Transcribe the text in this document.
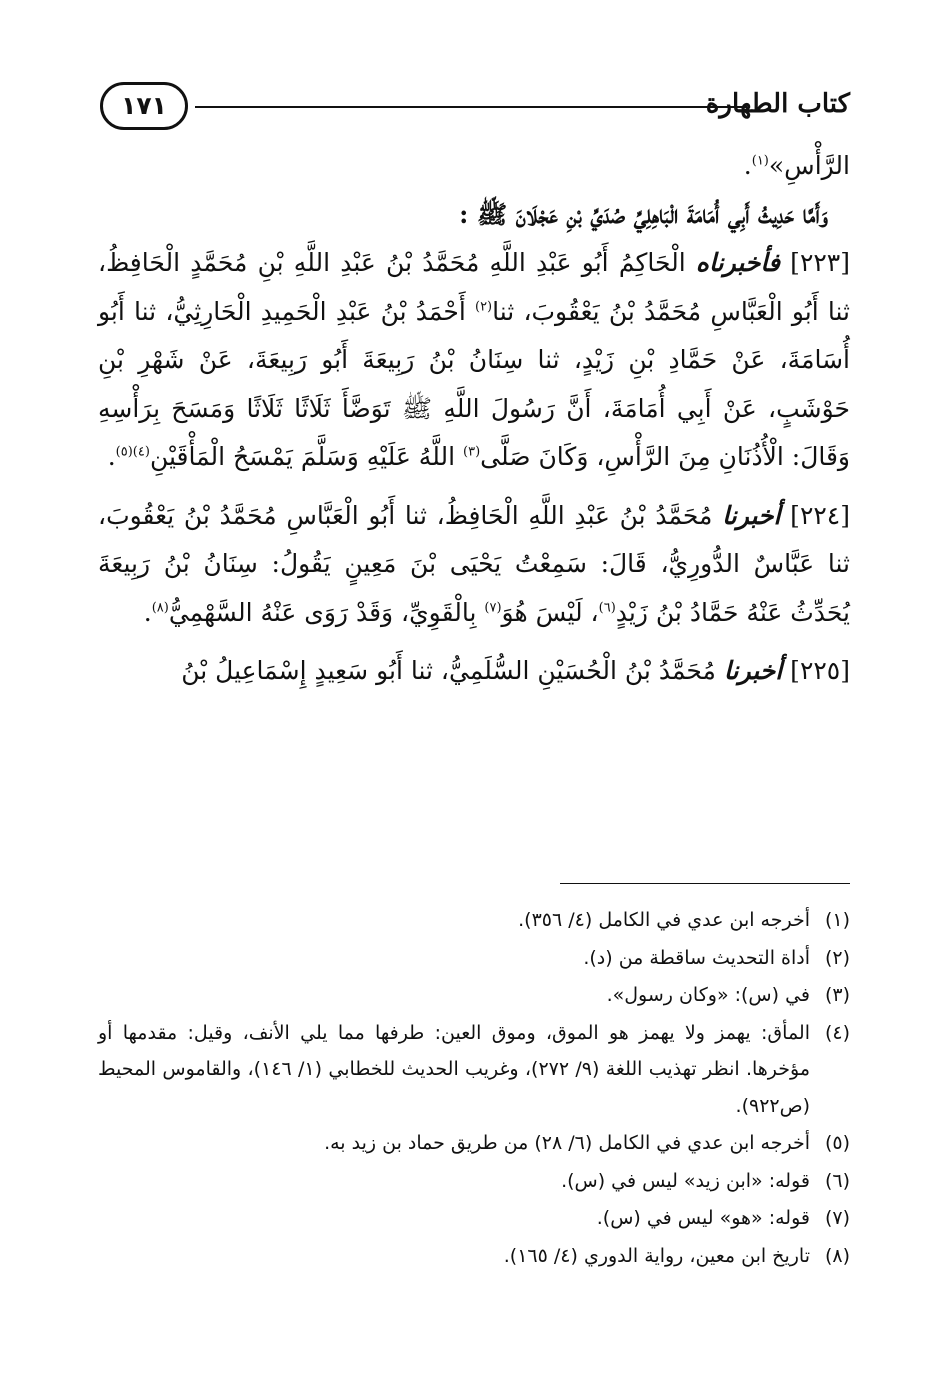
كتاب الطهارة
١٧١

الرَّأْسِ»$^{(١)}$.

وَأَمَّا حَدِيثُ أَبِي أُمَامَةَ الْبَاهِلِيِّ صُدَيِّ بْنِ عَجْلَانَ ﷺ :

[٢٢٣] فأخبرناه الْحَاكِمُ أَبُو عَبْدِ اللَّهِ مُحَمَّدُ بْنُ عَبْدِ اللَّهِ بْنِ مُحَمَّدٍ الْحَافِظُ، ثنا أَبُو الْعَبَّاسِ مُحَمَّدُ بْنُ يَعْقُوبَ، ثنا$^{(٢)}$ أَحْمَدُ بْنُ عَبْدِ الْحَمِيدِ الْحَارِثِيُّ، ثنا أَبُو أُسَامَةَ، عَنْ حَمَّادِ بْنِ زَيْدٍ، ثنا سِنَانُ بْنُ رَبِيعَةَ أَبُو رَبِيعَةَ، عَنْ شَهْرِ بْنِ حَوْشَبٍ، عَنْ أَبِي أُمَامَةَ، أَنَّ رَسُولَ اللَّهِ ﷺ تَوَضَّأَ ثَلَاثًا ثَلَاثًا وَمَسَحَ بِرَأْسِهِ وَقَالَ: الْأُذُنَانِ مِنَ الرَّأْسِ، وَكَانَ صَلَّى$^{(٣)}$ اللَّهُ عَلَيْهِ وَسَلَّمَ يَمْسَحُ الْمَأْقَيْنِ$^{(٤)(٥)}$.

[٢٢٤] أخبرنا مُحَمَّدُ بْنُ عَبْدِ اللَّهِ الْحَافِظُ، ثنا أَبُو الْعَبَّاسِ مُحَمَّدُ بْنُ يَعْقُوبَ، ثنا عَبَّاسٌ الدُّورِيُّ، قَالَ: سَمِعْتُ يَحْيَى بْنَ مَعِينٍ يَقُولُ: سِنَانُ بْنُ رَبِيعَةَ يُحَدِّثُ عَنْهُ حَمَّادُ بْنُ زَيْدٍ$^{(٦)}$، لَيْسَ هُوَ$^{(٧)}$ بِالْقَوِيِّ، وَقَدْ رَوَى عَنْهُ السَّهْمِيُّ$^{(٨)}$.

[٢٢٥] أخبرنا مُحَمَّدُ بْنُ الْحُسَيْنِ السُّلَمِيُّ، ثنا أَبُو سَعِيدٍ إِسْمَاعِيلُ بْنُ

(١)
أخرجه ابن عدي في الكامل (٤/ ٣٥٦).
(٢)
أداة التحديث ساقطة من (د).
(٣)
في (س): «وكان رسول».
(٤)
المأق: يهمز ولا يهمز هو الموق، وموق العين: طرفها مما يلي الأنف، وقيل: مقدمها أو مؤخرها. انظر تهذيب اللغة (٩/ ٢٧٢)، وغريب الحديث للخطابي (١/ ١٤٦)، والقاموس المحيط (ص٩٢٢).
(٥)
أخرجه ابن عدي في الكامل (٦/ ٢٨) من طريق حماد بن زيد به.
(٦)
قوله: «ابن زيد» ليس في (س).
(٧)
قوله: «هو» ليس في (س).
(٨)
تاريخ ابن معين، رواية الدوري (٤/ ١٦٥).
